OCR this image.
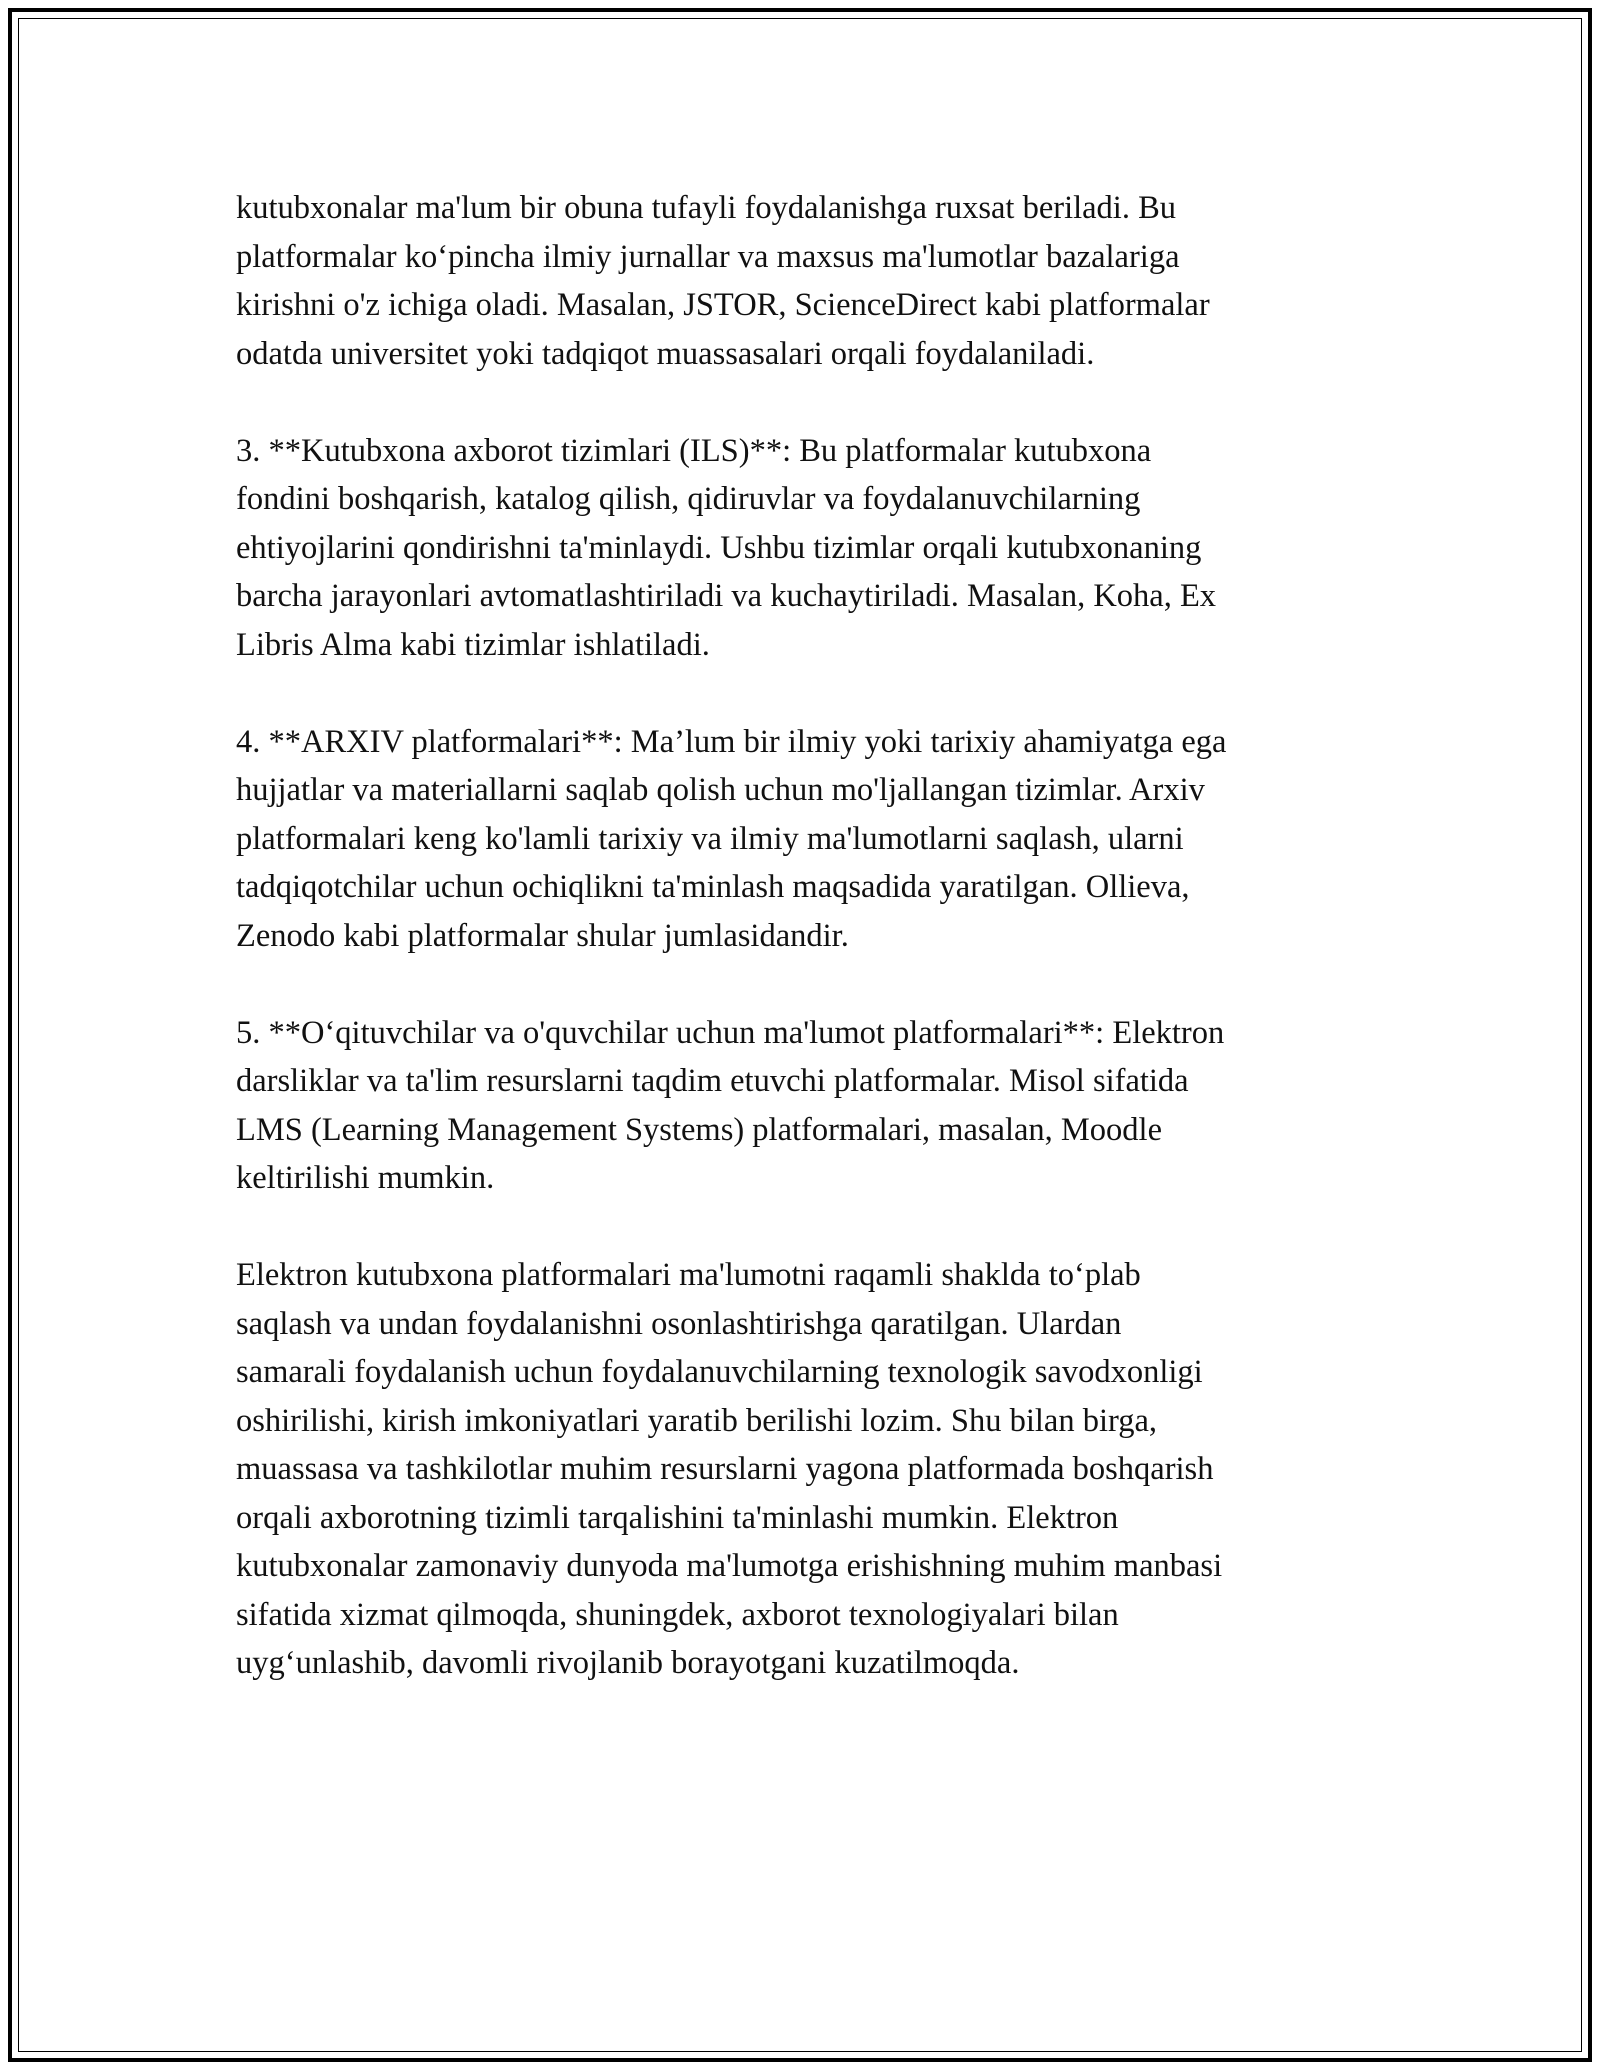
kutubxonalar ma'lum bir obuna tufayli foydalanishga ruxsat beriladi. Bu
platformalar ko‘pincha ilmiy jurnallar va maxsus ma'lumotlar bazalariga
kirishni o'z ichiga oladi. Masalan, JSTOR, ScienceDirect kabi platformalar
odatda universitet yoki tadqiqot muassasalari orqali foydalaniladi.

3. **Kutubxona axborot tizimlari (ILS)**: Bu platformalar kutubxona
fondini boshqarish, katalog qilish, qidiruvlar va foydalanuvchilarning
ehtiyojlarini qondirishni ta'minlaydi. Ushbu tizimlar orqali kutubxonaning
barcha jarayonlari avtomatlashtiriladi va kuchaytiriladi. Masalan, Koha, Ex
Libris Alma kabi tizimlar ishlatiladi.

4. **ARXIV platformalari**: Ma’lum bir ilmiy yoki tarixiy ahamiyatga ega
hujjatlar va materiallarni saqlab qolish uchun mo'ljallangan tizimlar. Arxiv
platformalari keng ko'lamli tarixiy va ilmiy ma'lumotlarni saqlash, ularni
tadqiqotchilar uchun ochiqlikni ta'minlash maqsadida yaratilgan. Ollieva,
Zenodo kabi platformalar shular jumlasidandir.

5. **O‘qituvchilar va o'quvchilar uchun ma'lumot platformalari**: Elektron
darsliklar va ta'lim resurslarni taqdim etuvchi platformalar. Misol sifatida
LMS (Learning Management Systems) platformalari, masalan, Moodle
keltirilishi mumkin.

Elektron kutubxona platformalari ma'lumotni raqamli shaklda to‘plab
saqlash va undan foydalanishni osonlashtirishga qaratilgan. Ulardan
samarali foydalanish uchun foydalanuvchilarning texnologik savodxonligi
oshirilishi, kirish imkoniyatlari yaratib berilishi lozim. Shu bilan birga,
muassasa va tashkilotlar muhim resurslarni yagona platformada boshqarish
orqali axborotning tizimli tarqalishini ta'minlashi mumkin. Elektron
kutubxonalar zamonaviy dunyoda ma'lumotga erishishning muhim manbasi
sifatida xizmat qilmoqda, shuningdek, axborot texnologiyalari bilan
uyg‘unlashib, davomli rivojlanib borayotgani kuzatilmoqda.
